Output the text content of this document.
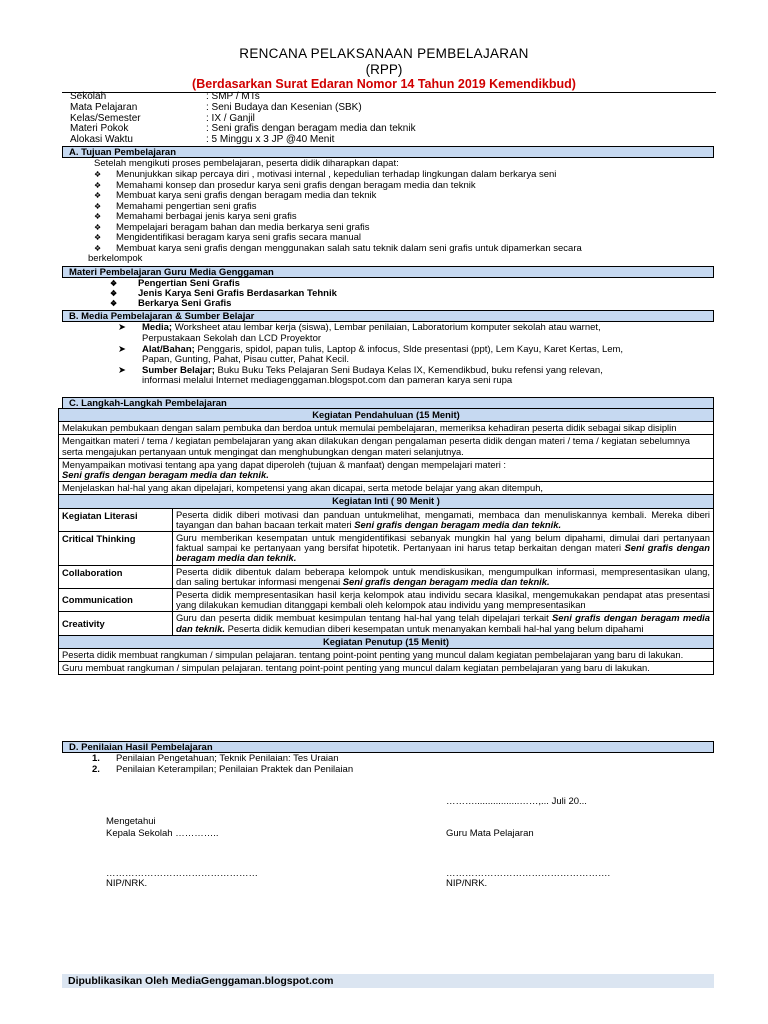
RENCANA PELAKSANAAN PEMBELAJARAN
(RPP)
(Berdasarkan Surat Edaran Nomor 14 Tahun 2019 Kemendikbud)
Sekolah	: SMP / MTs
Mata Pelajaran	: Seni Budaya dan Kesenian (SBK)
Kelas/Semester	: IX / Ganjil
Materi Pokok	: Seni grafis dengan beragam media dan teknik
Alokasi Waktu	: 5 Minggu x 3 JP @40 Menit
A. Tujuan Pembelajaran
Setelah mengikuti proses pembelajaran, peserta didik diharapkan dapat:
❖ Menunjukkan sikap percaya diri , motivasi internal , kepedulian terhadap lingkungan dalam berkarya seni
❖ Memahami konsep dan prosedur karya seni grafis dengan beragam media dan teknik
❖ Membuat karya seni grafis dengan beragam media dan teknik
❖ Memahami pengertian seni grafis
❖ Memahami berbagai jenis karya seni grafis
❖ Mempelajari beragam bahan dan media berkarya seni grafis
❖ Mengidentifikasi beragam karya seni grafis secara manual
❖ Membuat karya seni grafis dengan menggunakan salah satu teknik dalam seni grafis untuk dipamerkan secara
berkelompok
Materi Pembelajaran Guru Media Genggaman
❖ Pengertian Seni Grafis
❖ Jenis Karya Seni Grafis Berdasarkan Tehnik
❖ Berkarya Seni Grafis
B. Media Pembelajaran & Sumber Belajar
➤ Media; Worksheet atau lembar kerja (siswa), Lembar penilaian, Laboratorium komputer sekolah atau warnet,
Perpustakaan Sekolah dan LCD Proyektor
➤ Alat/Bahan; Penggaris, spidol, papan tulis, Laptop & infocus, Slde presentasi (ppt), Lem Kayu, Karet Kertas, Lem,
Papan, Gunting, Pahat, Pisau cutter, Pahat Kecil.
➤ Sumber Belajar; Buku Buku Teks Pelajaran Seni Budaya Kelas IX, Kemendikbud, buku refensi yang relevan,
informasi melalui Internet mediagenggaman.blogspot.com dan pameran karya seni rupa
C. Langkah-Langkah Pembelajaran
Kegiatan Pendahuluan (15 Menit)
Melakukan pembukaan dengan salam pembuka dan berdoa untuk memulai pembelajaran, memeriksa kehadiran peserta didik sebagai sikap disiplin
Mengaitkan materi / tema / kegiatan pembelajaran yang akan dilakukan dengan pengalaman peserta didik dengan materi / tema / kegiatan sebelumnya serta mengajukan pertanyaan untuk mengingat dan menghubungkan dengan materi selanjutnya.
Menyampaikan motivasi tentang apa yang dapat diperoleh (tujuan & manfaat) dengan mempelajari materi :
Seni grafis dengan beragam media dan teknik.
Menjelaskan hal-hal yang akan dipelajari, kompetensi yang akan dicapai, serta metode belajar yang akan ditempuh,
Kegiatan Inti ( 90 Menit )
Kegiatan Literasi	Peserta didik diberi motivasi dan panduan untukmelihat, mengamati, membaca dan menuliskannya kembali. Mereka diberi tayangan dan bahan bacaan terkait materi Seni grafis dengan beragam media dan teknik.
Critical Thinking	Guru memberikan kesempatan untuk mengidentifikasi sebanyak mungkin hal yang belum dipahami, dimulai dari pertanyaan faktual sampai ke pertanyaan yang bersifat hipotetik. Pertanyaan ini harus tetap berkaitan dengan materi Seni grafis dengan beragam media dan teknik.
Collaboration	Peserta didik dibentuk dalam beberapa kelompok untuk mendiskusikan, mengumpulkan informasi, mempresentasikan ulang, dan saling bertukar informasi mengenai Seni grafis dengan beragam media dan teknik.
Communication	Peserta didik mempresentasikan hasil kerja kelompok atau individu secara klasikal, mengemukakan pendapat atas presentasi yang dilakukan kemudian ditanggapi kembali oleh kelompok atau individu yang mempresentasikan
Creativity	Guru dan peserta didik membuat kesimpulan tentang hal-hal yang telah dipelajari terkait Seni grafis dengan beragam media dan teknik. Peserta didik kemudian diberi kesempatan untuk menanyakan kembali hal-hal yang belum dipahami
Kegiatan Penutup (15 Menit)
Peserta didik membuat rangkuman / simpulan pelajaran. tentang point-point penting yang muncul dalam kegiatan pembelajaran yang baru di lakukan.
Guru membuat rangkuman / simpulan pelajaran. tentang point-point penting yang muncul dalam kegiatan pembelajaran yang baru di lakukan.
D. Penilaian Hasil Pembelajaran
1. Penilaian Pengetahuan; Teknik Penilaian: Tes Uraian
2. Penilaian Keterampilan; Penilaian Praktek dan Penilaian
……….................……,... Juli 20...
Mengetahui
Kepala Sekolah …………..	Guru Mata Pelajaran
…………………………………………	…………………………………………….
NIP/NRK.	NIP/NRK.
Dipublikasikan Oleh MediaGenggaman.blogspot.com
